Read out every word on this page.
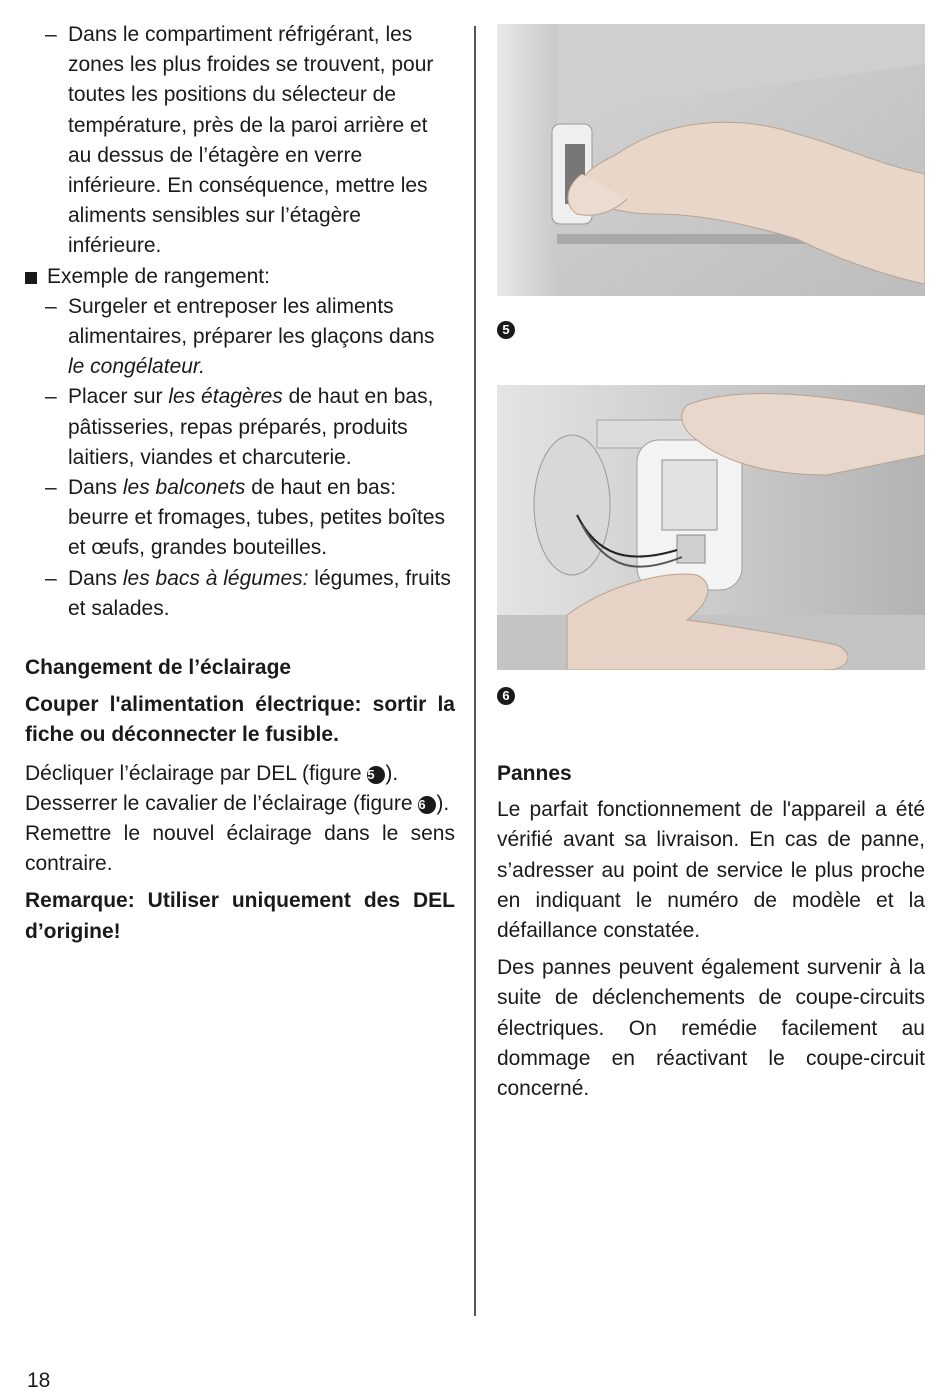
– Dans le compartiment réfrigérant, les zones les plus froides se trouvent, pour toutes les positions du sélecteur de température, près de la paroi arrière et au dessus de l’étagère en verre inférieure. En conséquence, mettre les aliments sensibles sur l’étagère inférieure.
Exemple de rangement:
– Surgeler et entreposer les aliments alimentaires, préparer les glaçons dans le congélateur.
– Placer sur les étagères de haut en bas, pâtisseries, repas préparés, produits laitiers, viandes et charcuterie.
– Dans les balconets de haut en bas: beurre et fromages, tubes, petites boîtes et œufs, grandes bouteilles.
– Dans les bacs à légumes: légumes, fruits et salades.
Changement de l’éclairage

Couper l'alimentation électrique: sortir la fiche ou déconnecter le fusible.

Décliquer l’éclairage par DEL (figure 5 ).

Desserrer le cavalier de l’éclairage (figure 6 ).

Remettre le nouvel éclairage dans le sens contraire.

Remarque: Utiliser uniquement des DEL d’origine!

5
6
Pannes

Le parfait fonctionnement de l'appareil a été vérifié avant sa livraison. En cas de panne, s’adresser au point de service le plus proche en indiquant le numéro de modèle et la défaillance constatée.

Des pannes peuvent également survenir à la suite de déclenchements de coupe-circuits électriques. On remédie facilement au dommage en réactivant le coupe-circuit concerné.

18
